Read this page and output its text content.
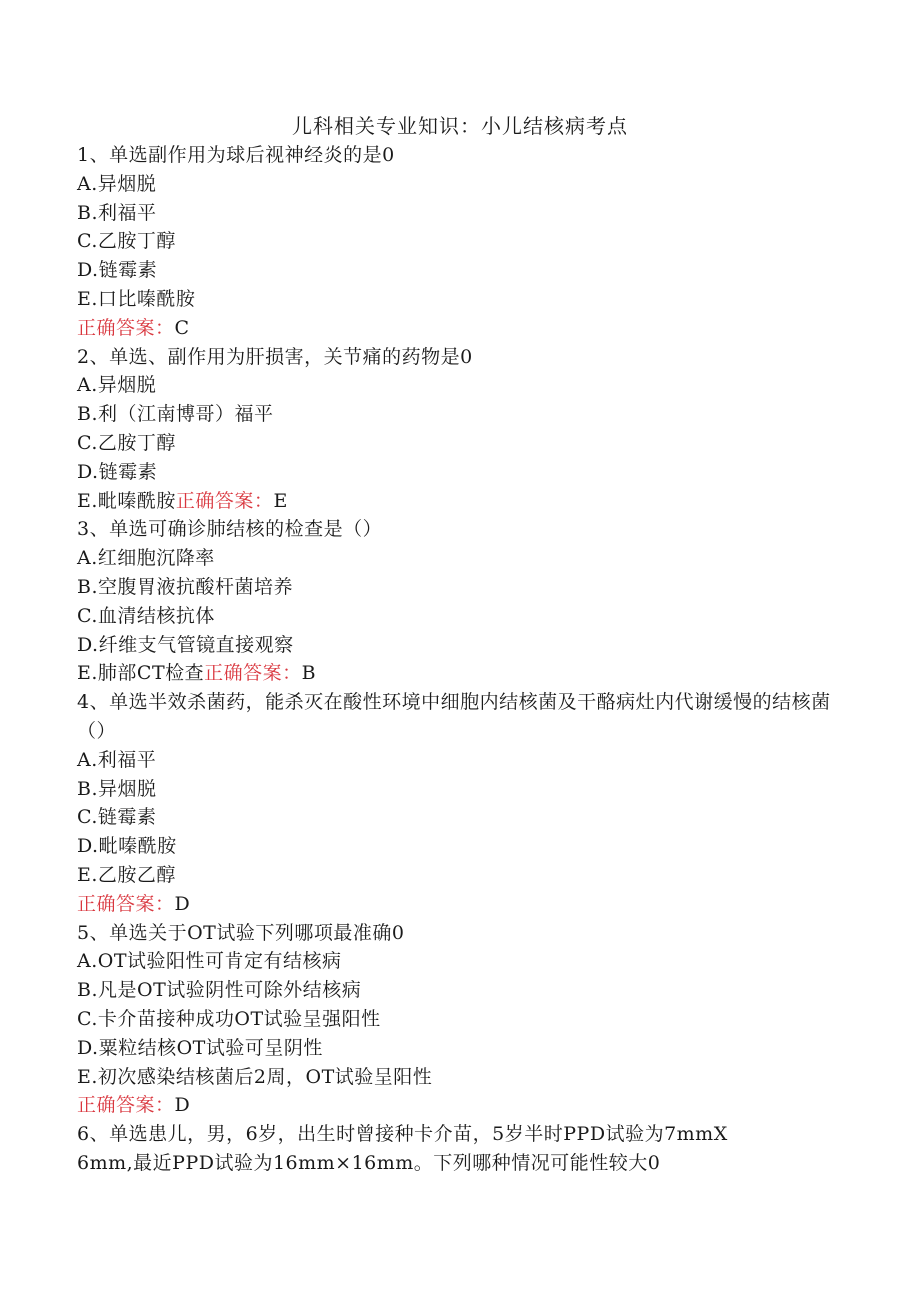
儿科相关专业知识：小儿结核病考点
1、单选副作用为球后视神经炎的是0
A.异烟脱
B.利福平
C.乙胺丁醇
D.链霉素
E.口比嗪酰胺
正确答案：C
2、单选、副作用为肝损害，关节痛的药物是0
A.异烟脱
B.利（江南博哥）福平
C.乙胺丁醇
D.链霉素
E.毗嗪酰胺正确答案：E
3、单选可确诊肺结核的检查是（）
A.红细胞沉降率
B.空腹胃液抗酸杆菌培养
C.血清结核抗体
D.纤维支气管镜直接观察
E.肺部CT检查正确答案：B
4、单选半效杀菌药，能杀灭在酸性环境中细胞内结核菌及干酪病灶内代谢缓慢的结核菌（）
A.利福平
B.异烟脱
C.链霉素
D.毗嗪酰胺
E.乙胺乙醇
正确答案：D
5、单选关于OT试验下列哪项最准确0
A.OT试验阳性可肯定有结核病
B.凡是OT试验阴性可除外结核病
C.卡介苗接种成功OT试验呈强阳性
D.粟粒结核OT试验可呈阴性
E.初次感染结核菌后2周，OT试验呈阳性
正确答案：D
6、单选患儿，男，6岁，出生时曾接种卡介苗，5岁半时PPD试验为7mmX
6mm,最近PPD试验为16mm×16mm。下列哪种情况可能性较大0
